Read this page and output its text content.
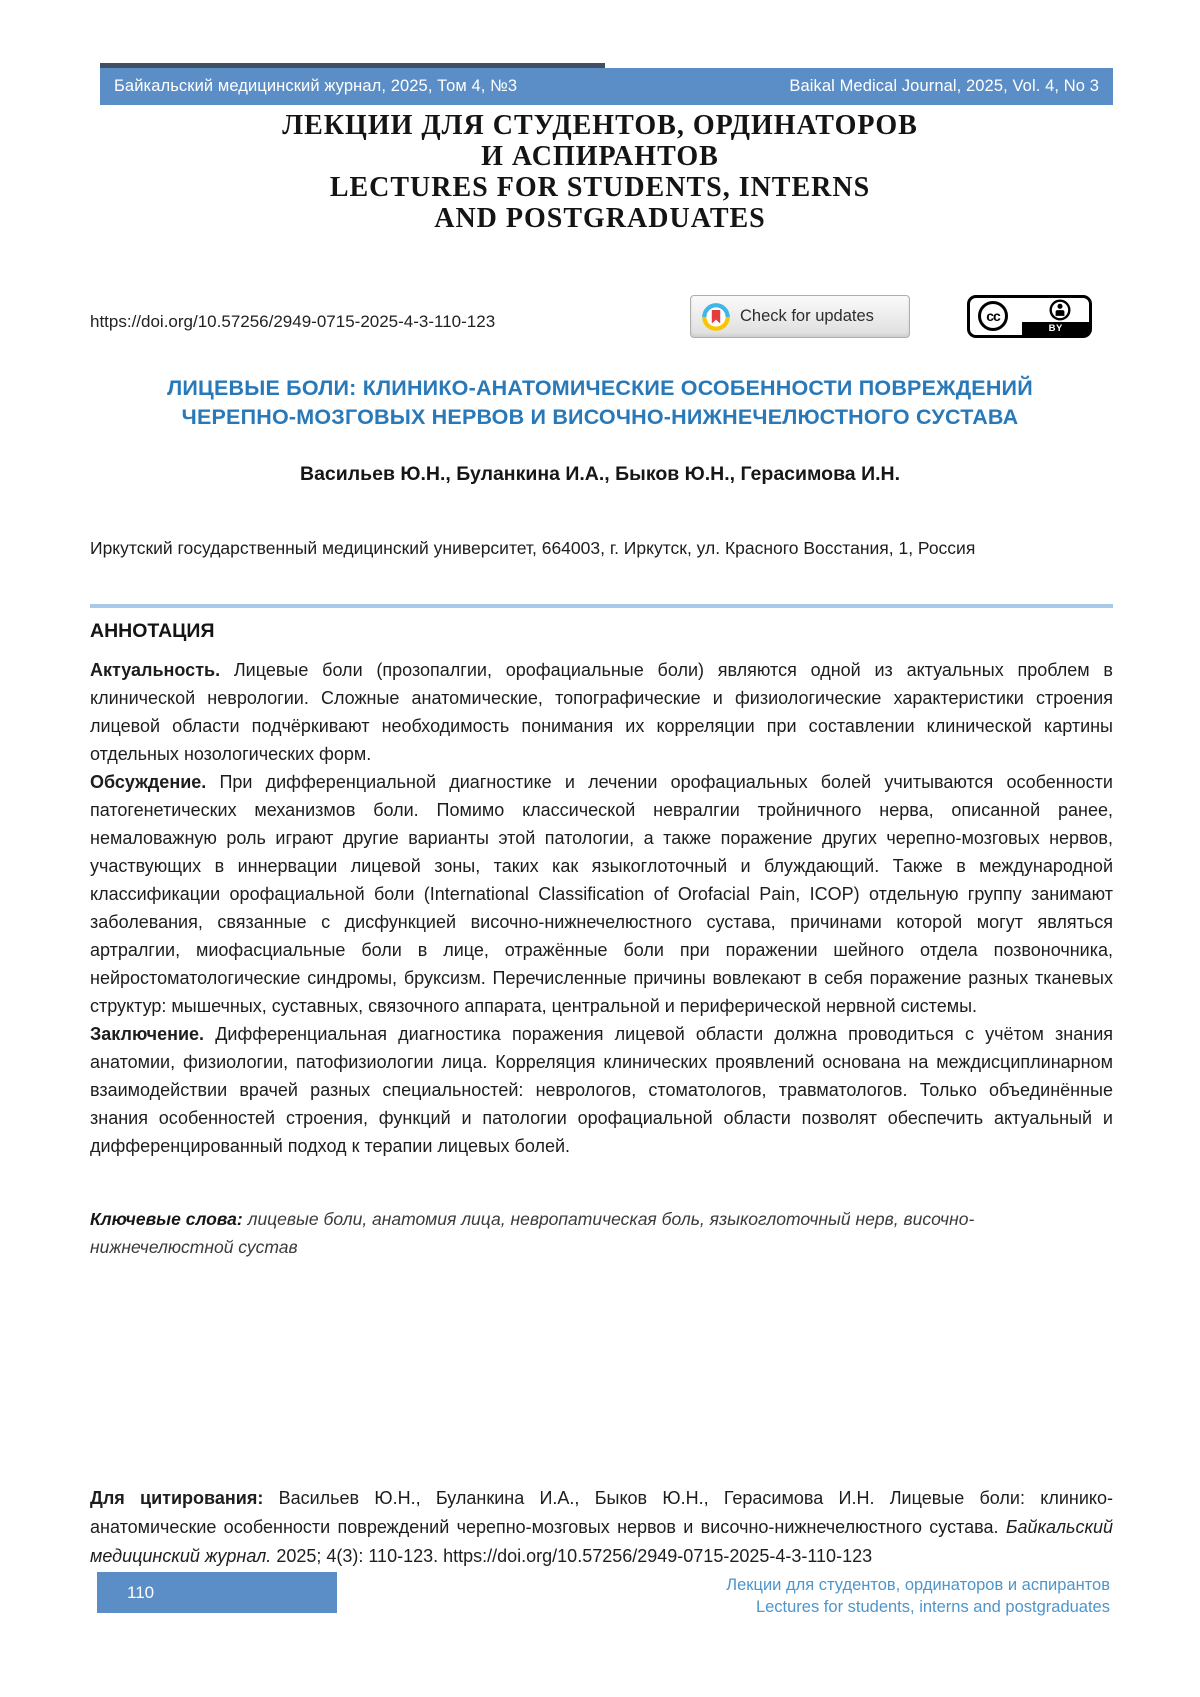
Байкальский медицинский журнал, 2025, Том 4, №3	Baikal Medical Journal, 2025, Vol. 4, No 3
ЛЕКЦИИ ДЛЯ СТУДЕНТОВ, ОРДИНАТОРОВ
И АСПИРАНТОВ
LECTURES FOR STUDENTS, INTERNS
AND POSTGRADUATES
https://doi.org/10.57256/2949-0715-2025-4-3-110-123	Check for updates	cc
BY
ЛИЦЕВЫЕ БОЛИ: КЛИНИКО-АНАТОМИЧЕСКИЕ ОСОБЕННОСТИ ПОВРЕЖДЕНИЙ
ЧЕРЕПНО-МОЗГОВЫХ НЕРВОВ И ВИСОЧНО-НИЖНЕЧЕЛЮСТНОГО СУСТАВА
Васильев Ю.Н., Буланкина И.А., Быков Ю.Н., Герасимова И.Н.
Иркутский государственный медицинский университет, 664003, г. Иркутск, ул. Красного Восстания, 1, Россия
АННОТАЦИЯ

Актуальность. Лицевые боли (прозопалгии, орофациальные боли) являются одной из актуальных проблем в клинической неврологии. Сложные анатомические, топографические и физиологические характеристики строения лицевой области подчёркивают необходимость понимания их корреляции при составлении клинической картины отдельных нозологических форм.

Обсуждение. При дифференциальной диагностике и лечении орофациальных болей учитываются особенности патогенетических механизмов боли. Помимо классической невралгии тройничного нерва, описанной ранее, немаловажную роль играют другие варианты этой патологии, а также поражение других черепно-мозговых нервов, участвующих в иннервации лицевой зоны, таких как языкоглоточный и блуждающий. Также в международной классификации орофациальной боли (International Classification of Orofacial Pain, ICOP) отдельную группу занимают заболевания, связанные с дисфункцией височно-нижнечелюстного сустава, причинами которой могут являться артралгии, миофасциальные боли в лице, отражённые боли при поражении шейного отдела позвоночника, нейростоматологические синдромы, бруксизм. Перечисленные причины вовлекают в себя поражение разных тканевых структур: мышечных, суставных, связочного аппарата, центральной и периферической нервной системы.

Заключение. Дифференциальная диагностика поражения лицевой области должна проводиться с учётом знания анатомии, физиологии, патофизиологии лица. Корреляция клинических проявлений основана на междисциплинарном взаимодействии врачей разных специальностей: неврологов, стоматологов, травматологов. Только объединённые знания особенностей строения, функций и патологии орофациальной области позволят обеспечить актуальный и дифференцированный подход к терапии лицевых болей.

Ключевые слова: лицевые боли, анатомия лица, невропатическая боль, языкоглоточный нерв, височно-нижнечелюстной сустав
Для цитирования: Васильев Ю.Н., Буланкина И.А., Быков Ю.Н., Герасимова И.Н. Лицевые боли: клинико-анатомические особенности повреждений черепно-мозговых нервов и височно-нижнечелюстного сустава. Байкальский медицинский журнал. 2025; 4(3): 110-123. https://doi.org/10.57256/2949-0715-2025-4-3-110-123
110	Лекции для студентов, ординаторов и аспирантов
Lectures for students, interns and postgraduates
